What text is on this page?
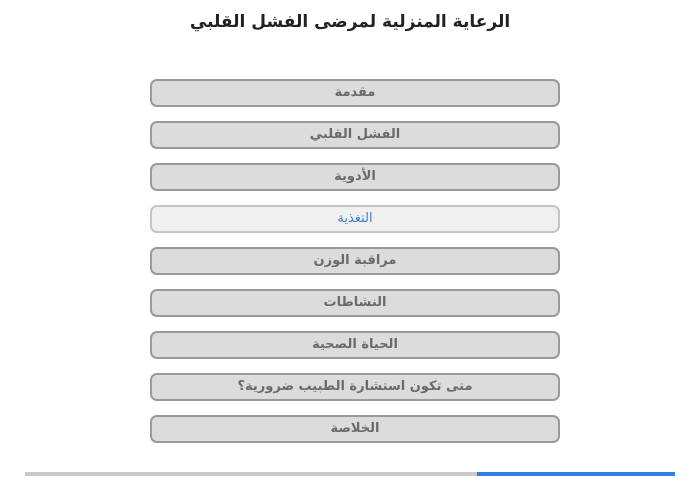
الرعاية المنزلية لمرضى الفشل القلبي
مقدمة
الفشل القلبي
الأدوية
التغذية
مراقبة الوزن
النشاطات
الحياة الصحية
متى تكون استشارة الطبيب ضرورية؟
الخلاصة
